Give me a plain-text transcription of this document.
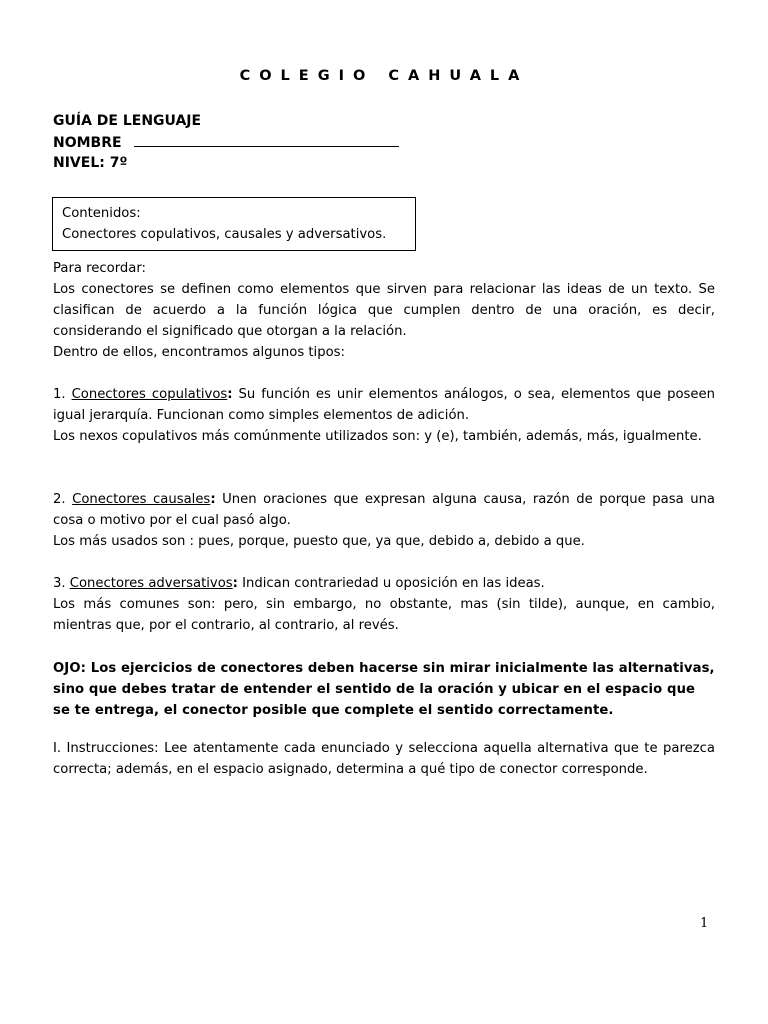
COLEGIO CAHUALA
GUÍA DE LENGUAJE
NOMBRE
NIVEL: 7º
Contenidos:
Conectores copulativos, causales y adversativos.

Para recordar:

Los conectores se definen como elementos que sirven para relacionar las ideas de un texto. Se clasifican de acuerdo a la función lógica que cumplen dentro de una oración, es decir, considerando el significado que otorgan a la relación.

Dentro de ellos, encontramos algunos tipos:

1. Conectores copulativos: Su función es unir elementos análogos, o sea, elementos que poseen igual jerarquía. Funcionan como simples elementos de adición.

Los nexos copulativos más comúnmente utilizados son: y (e), también, además, más, igualmente.

2. Conectores causales: Unen oraciones que expresan alguna causa, razón de porque pasa una cosa o motivo por el cual pasó algo.

Los más usados son : pues, porque, puesto que, ya que, debido a, debido a que.

3. Conectores adversativos: Indican contrariedad u oposición en las ideas.

Los más comunes son: pero, sin embargo, no obstante, mas (sin tilde), aunque, en cambio, mientras que, por el contrario, al contrario, al revés.

OJO: Los ejercicios de conectores deben hacerse sin mirar inicialmente las alternativas, sino que debes tratar de entender el sentido de la oración y ubicar en el espacio que se te entrega, el conector posible que complete el sentido correctamente.
I. Instrucciones: Lee atentamente cada enunciado y selecciona aquella alternativa que te parezca correcta; además, en el espacio asignado, determina a qué tipo de conector corresponde.
1
